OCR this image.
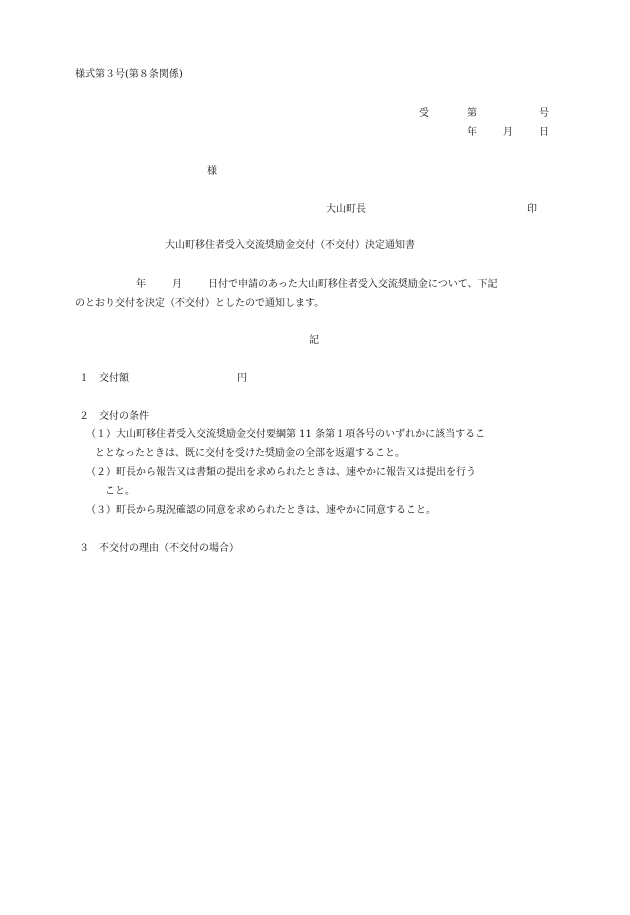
様式第３号(第８条関係)
受	第	号
年	月	日
様
大山町長	印
大山町移住者受入交流奨励金交付（不交付）決定通知書
年	月	日付で申請のあった大山町移住者受入交流奨励金について、下記
のとおり交付を決定（不交付）としたので通知します。
記
１　交付額	円
２　交付の条件
（１）大山町移住者受入交流奨励金交付要綱第 11 条第１項各号のいずれかに該当するこ
ととなったときは、既に交付を受けた奨励金の全部を返還すること。
（２）町長から報告又は書類の提出を求められたときは、速やかに報告又は提出を行う
こと。
（３）町長から現況確認の同意を求められたときは、速やかに同意すること。
３　不交付の理由（不交付の場合）
